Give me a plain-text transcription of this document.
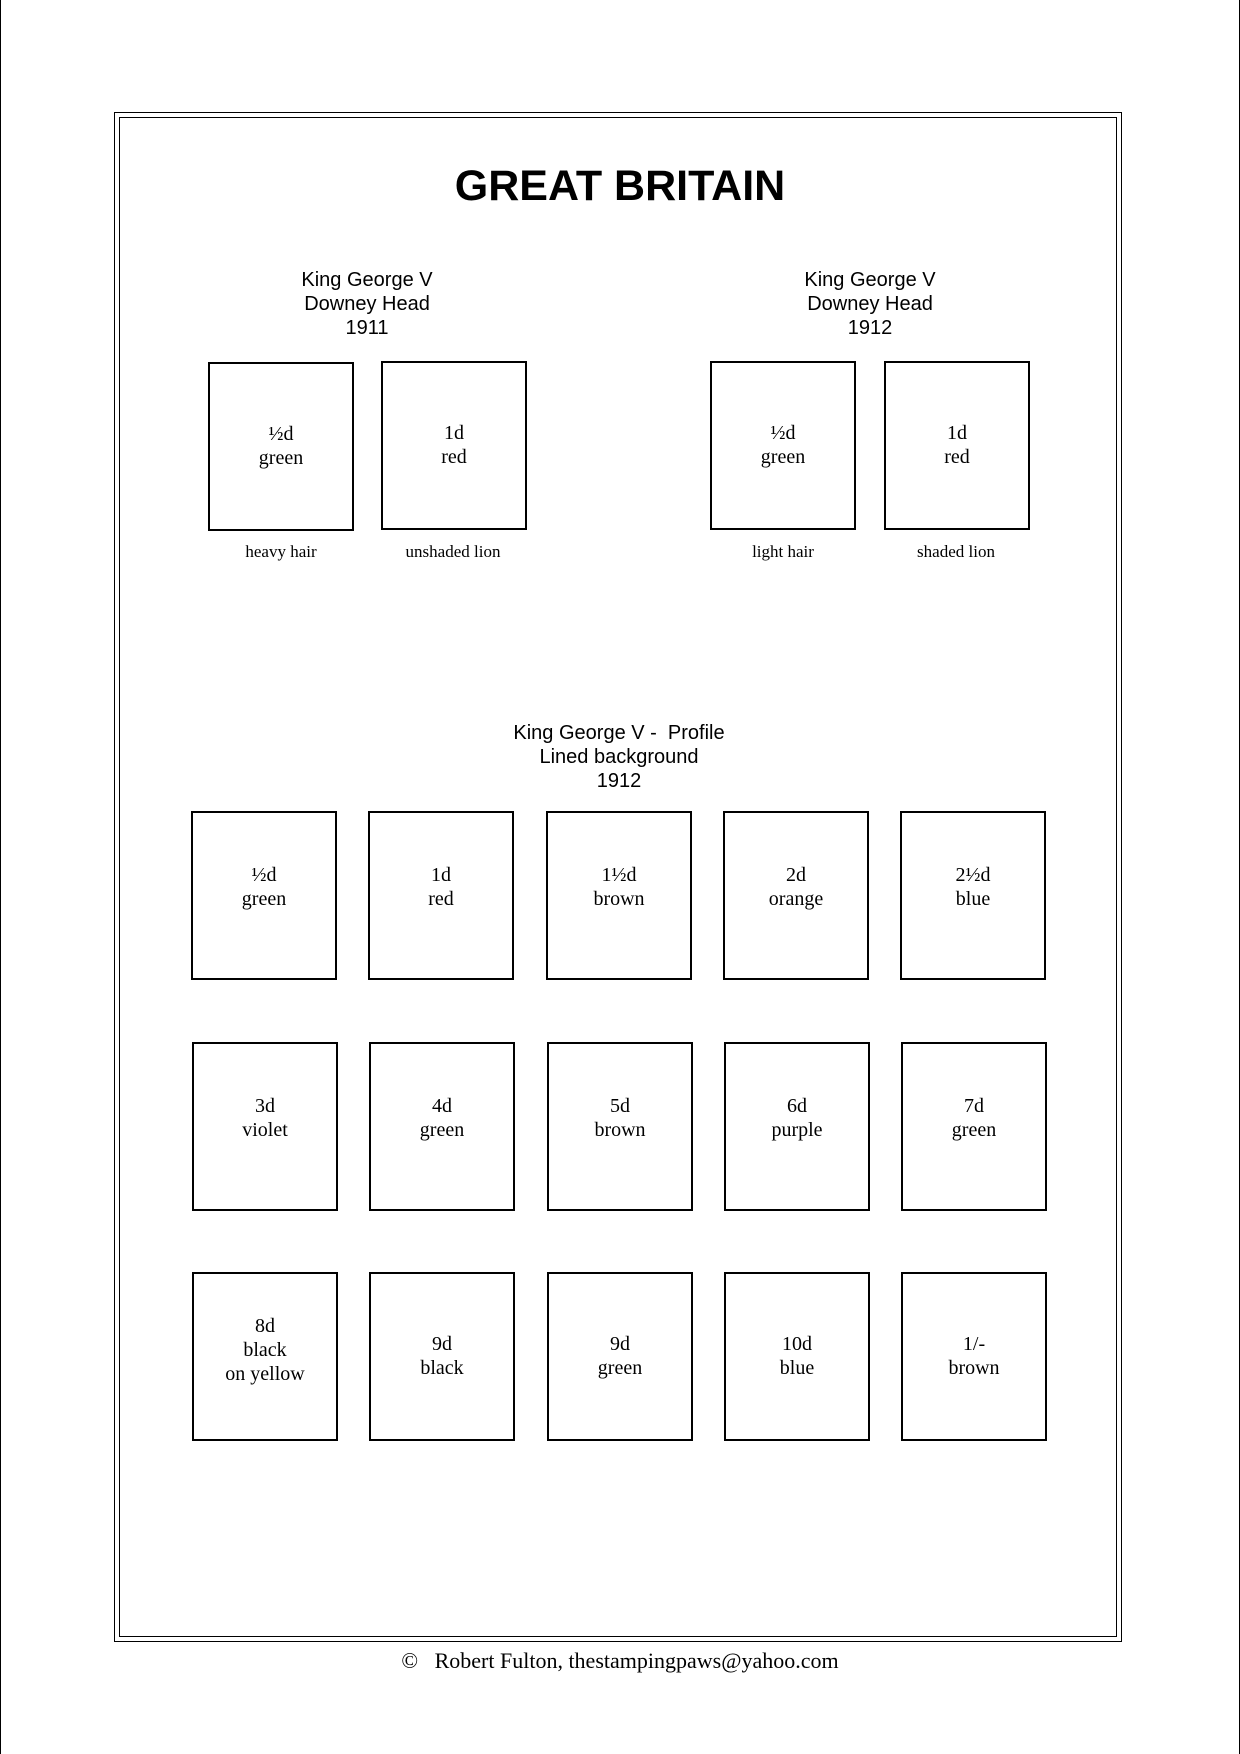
GREAT BRITAIN
King George V
Downey Head
1911
½d
green
heavy hair
1d
red
unshaded lion
King George V
Downey Head
1912
½d
green
light hair
1d
red
shaded lion
King George V -  Profile
Lined background
1912
½d
green
1d
red
1½d
brown
2d
orange
2½d
blue
3d
violet
4d
green
5d
brown
6d
purple
7d
green
8d
black
on yellow
9d
black
9d
green
10d
blue
1/-
brown
©   Robert Fulton, thestampingpaws@yahoo.com
